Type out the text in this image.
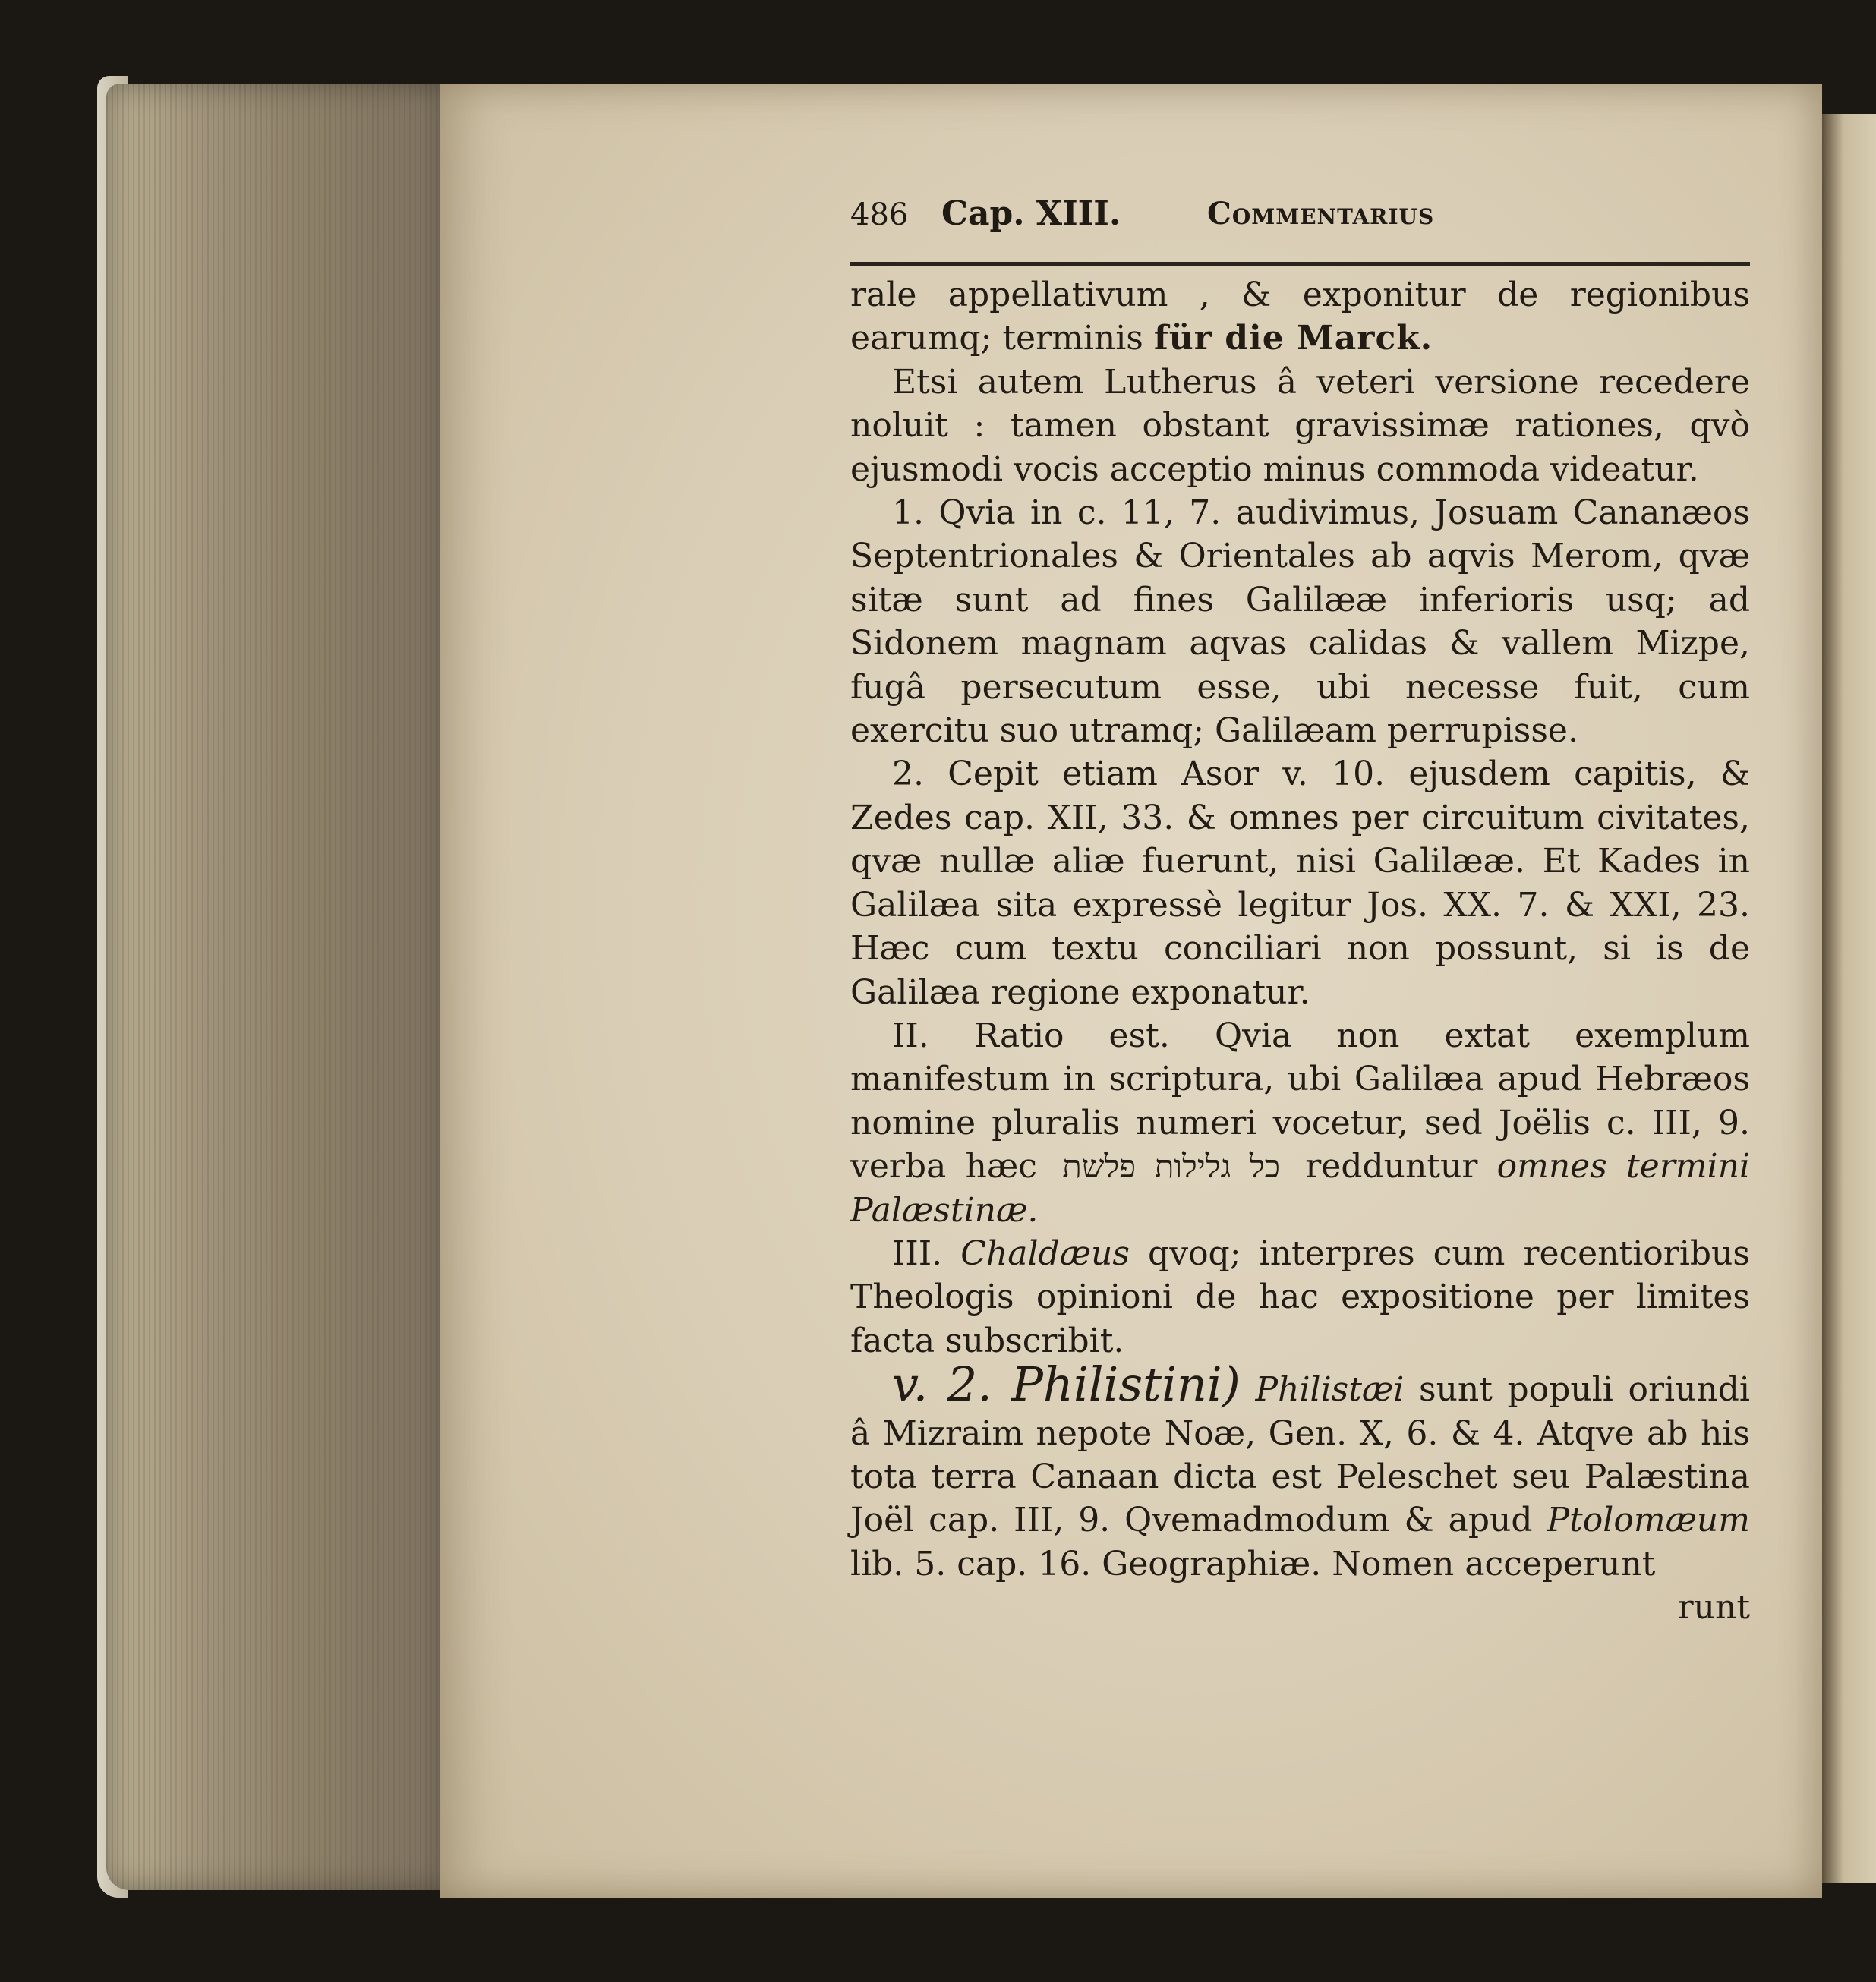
486 Cap. XIII.	Commentarius

rale appellativum , & exponitur de regionibus earumq; terminis für die Marck.

Etsi autem Lutherus â veteri versione recedere noluit : tamen obstant gravissimæ rationes, qvò ejusmodi vocis acceptio minus commoda videatur.

1. Qvia in c. 11, 7. audivimus, Josuam Cananæos Septentrionales & Orientales ab aqvis Merom, qvæ sitæ sunt ad fines Galilææ inferioris usq; ad Sidonem magnam aqvas calidas & vallem Mizpe, fugâ persecutum esse, ubi necesse fuit, cum exercitu suo utramq; Galilæam perrupisse.

2. Cepit etiam Asor v. 10. ejusdem capitis, & Zedes cap. XII, 33. & omnes per circuitum civitates, qvæ nullæ aliæ fuerunt, nisi Galilææ. Et Kades in Galilæa sita expressè legitur Jos. XX. 7. & XXI, 23. Hæc cum textu conciliari non possunt, si is de Galilæa regione exponatur.

II. Ratio est. Qvia non extat exemplum manifestum in scriptura, ubi Galilæa apud Hebræos nomine pluralis numeri vocetur, sed Joëlis c. III, 9. verba hæc כל גלילות פלשת redduntur omnes termini Palæstinæ.

III. Chaldæus qvoq; interpres cum recentioribus Theologis opinioni de hac expositione per limites facta subscribit.

v. 2. Philistini) Philistæi sunt populi oriundi â Mizraim nepote Noæ, Gen. X, 6. & 4. Atqve ab his tota terra Canaan dicta est Peleschet seu Palæstina Joël cap. III, 9. Qvemadmodum & apud Ptolomæum lib. 5. cap. 16. Geographiæ. Nomen acceperunt

runt
